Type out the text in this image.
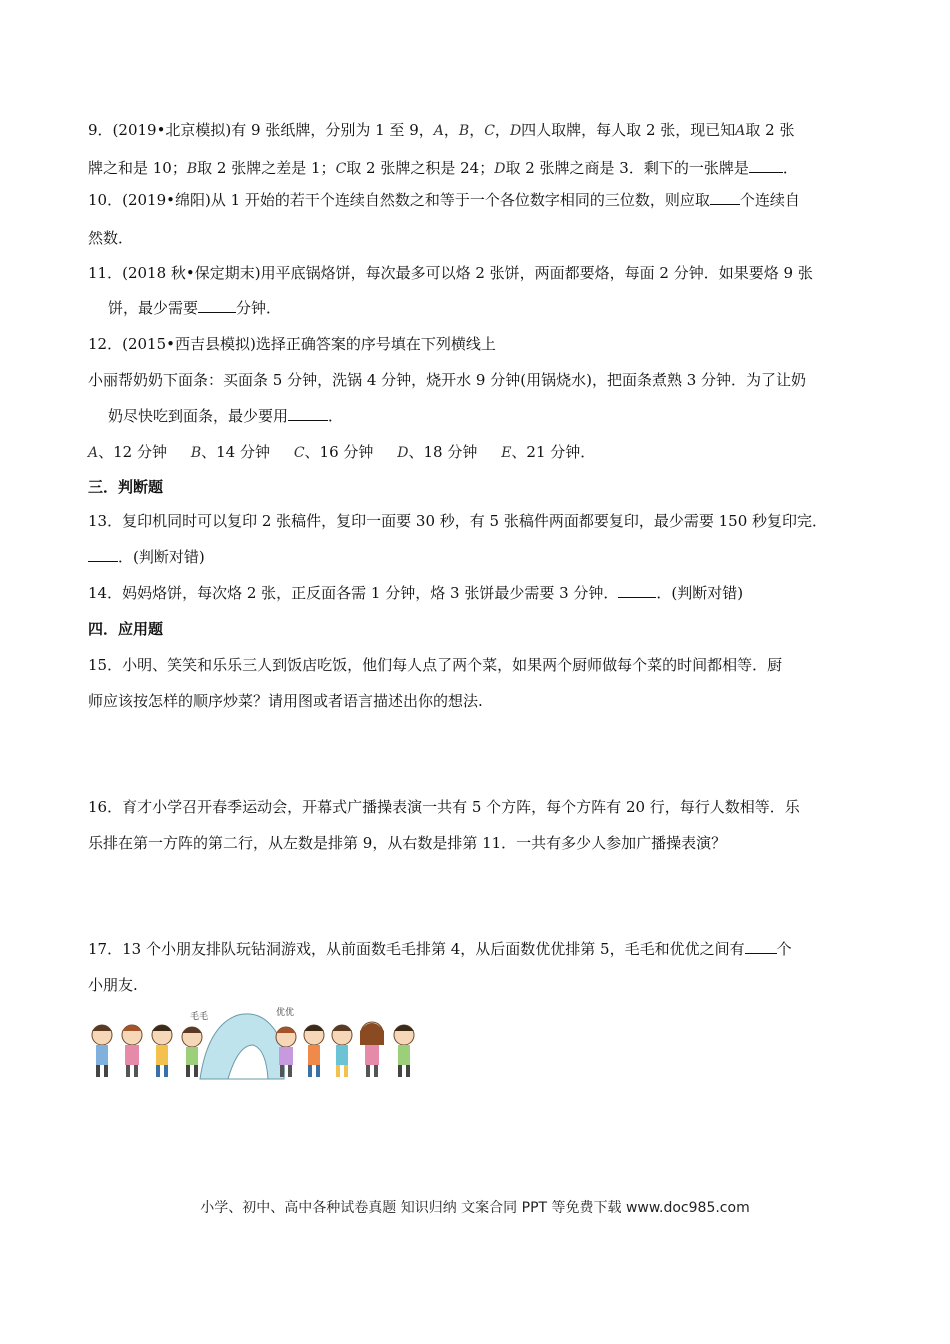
9．(2019•北京模拟)有 9 张纸牌，分别为 1 至 9，A，B，C，D四人取牌，每人取 2 张，现已知A取 2 张
牌之和是 10；B取 2 张牌之差是 1；C取 2 张牌之积是 24；D取 2 张牌之商是 3．剩下的一张牌是 ．
10．(2019•绵阳)从 1 开始的若干个连续自然数之和等于一个各位数字相同的三位数，则应取 个连续自
然数．
11．(2018 秋•保定期末)用平底锅烙饼，每次最多可以烙 2 张饼，两面都要烙，每面 2 分钟．如果要烙 9 张
饼，最少需要	分钟．
12．(2015•西吉县模拟)选择正确答案的序号填在下列横线上
小丽帮奶奶下面条：买面条 5 分钟，洗锅 4 分钟，烧开水 9 分钟(用锅烧水)，把面条煮熟 3 分钟．为了让奶
奶尽快吃到面条，最少要用	．
A、12 分钟 B、14 分钟 C、16 分钟 D、18 分钟 E、21 分钟．
三．判断题
13．复印机同时可以复印 2 张稿件，复印一面要 30 秒，有 5 张稿件两面都要复印，最少需要 150 秒复印完．
．(判断对错)
14．妈妈烙饼，每次烙 2 张，正反面各需 1 分钟，烙 3 张饼最少需要 3 分钟．	．(判断对错)
四．应用题
15．小明、笑笑和乐乐三人到饭店吃饭，他们每人点了两个菜，如果两个厨师做每个菜的时间都相等．厨
师应该按怎样的顺序炒菜？请用图或者语言描述出你的想法.
16．育才小学召开春季运动会，开幕式广播操表演一共有 5 个方阵，每个方阵有 20 行，每行人数相等．乐
乐排在第一方阵的第二行，从左数是排第 9，从右数是排第 11．一共有多少人参加广播操表演？
17．13 个小朋友排队玩钻洞游戏，从前面数毛毛排第 4，从后面数优优排第 5，毛毛和优优之间有 个
小朋友.
毛毛	优优
小学、初中、高中各种试卷真题 知识归纳 文案合同 PPT 等免费下载 www.doc985.com
